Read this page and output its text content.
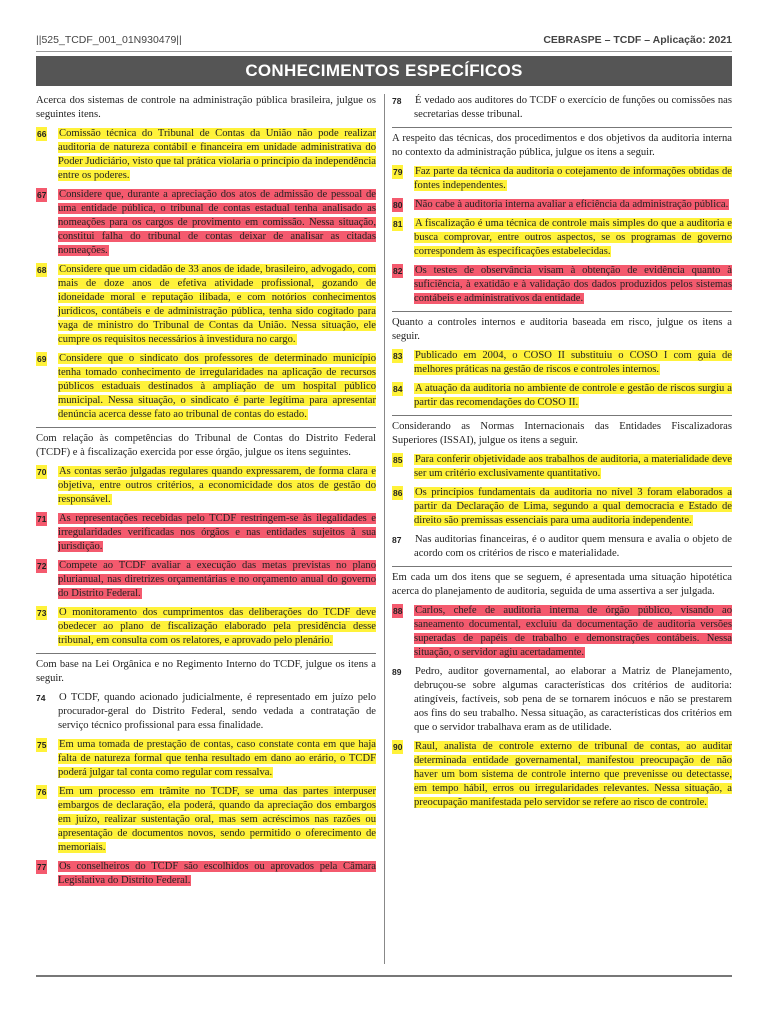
||525_TCDF_001_01N930479||	CEBRASPE – TCDF – Aplicação: 2021
CONHECIMENTOS ESPECÍFICOS

Acerca dos sistemas de controle na administração pública brasileira, julgue os seguintes itens.

66 Comissão técnica do Tribunal de Contas da União não pode realizar auditoria de natureza contábil e financeira em unidade administrativa do Poder Judiciário, visto que tal prática violaria o princípio da independência entre os poderes.
67 Considere que, durante a apreciação dos atos de admissão de pessoal de uma entidade pública, o tribunal de contas estadual tenha analisado as nomeações para os cargos de provimento em comissão. Nessa situação, constitui falha do tribunal de contas deixar de analisar as citadas nomeações.
68 Considere que um cidadão de 33 anos de idade, brasileiro, advogado, com mais de doze anos de efetiva atividade profissional, gozando de idoneidade moral e reputação ilibada, e com notórios conhecimentos jurídicos, contábeis e de administração pública, tenha sido cogitado para vaga de ministro do Tribunal de Contas da União. Nessa situação, ele cumpre os requisitos necessários à investidura no cargo.
69 Considere que o sindicato dos professores de determinado município tenha tomado conhecimento de irregularidades na aplicação de recursos públicos estaduais destinados à ampliação de um hospital público municipal. Nessa situação, o sindicato é parte legítima para apresentar denúncia acerca desse fato ao tribunal de contas do estado.

Com relação às competências do Tribunal de Contas do Distrito Federal (TCDF) e à fiscalização exercida por esse órgão, julgue os itens seguintes.

70 As contas serão julgadas regulares quando expressarem, de forma clara e objetiva, entre outros critérios, a economicidade dos atos de gestão do responsável.
71 As representações recebidas pelo TCDF restringem-se às ilegalidades e irregularidades verificadas nos órgãos e nas entidades sujeitos à sua jurisdição.
72 Compete ao TCDF avaliar a execução das metas previstas no plano plurianual, nas diretrizes orçamentárias e no orçamento anual do governo do Distrito Federal.
73 O monitoramento dos cumprimentos das deliberações do TCDF deve obedecer ao plano de fiscalização elaborado pela presidência desse tribunal, em consulta com os relatores, e aprovado pelo plenário.

Com base na Lei Orgânica e no Regimento Interno do TCDF, julgue os itens a seguir.

74 O TCDF, quando acionado judicialmente, é representado em juízo pelo procurador-geral do Distrito Federal, sendo vedada a contratação de serviço técnico profissional para essa finalidade.
75 Em uma tomada de prestação de contas, caso constate conta em que haja falta de natureza formal que tenha resultado em dano ao erário, o TCDF poderá julgar tal conta como regular com ressalva.
76 Em um processo em trâmite no TCDF, se uma das partes interpuser embargos de declaração, ela poderá, quando da apreciação dos embargos em juízo, realizar sustentação oral, mas sem acréscimos nas razões ou apresentação de documentos novos, sendo permitido o oferecimento de memoriais.
77 Os conselheiros do TCDF são escolhidos ou aprovados pela Câmara Legislativa do Distrito Federal.
78 É vedado aos auditores do TCDF o exercício de funções ou comissões nas secretarias desse tribunal.

A respeito das técnicas, dos procedimentos e dos objetivos da auditoria interna no contexto da administração pública, julgue os itens a seguir.

79 Faz parte da técnica da auditoria o cotejamento de informações obtidas de fontes independentes.
80 Não cabe à auditoria interna avaliar a eficiência da administração pública.
81 A fiscalização é uma técnica de controle mais simples do que a auditoria e busca comprovar, entre outros aspectos, se os programas de governo correspondem às especificações estabelecidas.
82 Os testes de observância visam à obtenção de evidência quanto à suficiência, à exatidão e à validação dos dados produzidos pelos sistemas contábeis e administrativos da entidade.

Quanto a controles internos e auditoria baseada em risco, julgue os itens a seguir.

83 Publicado em 2004, o COSO II substituiu o COSO I com guia de melhores práticas na gestão de riscos e controles internos.
84 A atuação da auditoria no ambiente de controle e gestão de riscos surgiu a partir das recomendações do COSO II.

Considerando as Normas Internacionais das Entidades Fiscalizadoras Superiores (ISSAI), julgue os itens a seguir.

85 Para conferir objetividade aos trabalhos de auditoria, a materialidade deve ser um critério exclusivamente quantitativo.
86 Os princípios fundamentais da auditoria no nível 3 foram elaborados a partir da Declaração de Lima, segundo a qual democracia e Estado de direito são premissas essenciais para uma auditoria independente.
87 Nas auditorias financeiras, é o auditor quem mensura e avalia o objeto de acordo com os critérios de risco e materialidade.

Em cada um dos itens que se seguem, é apresentada uma situação hipotética acerca do planejamento de auditoria, seguida de uma assertiva a ser julgada.

88 Carlos, chefe de auditoria interna de órgão público, visando ao saneamento documental, excluiu da documentação de auditoria versões superadas de papéis de trabalho e demonstrações contábeis. Nessa situação, o servidor agiu acertadamente.
89 Pedro, auditor governamental, ao elaborar a Matriz de Planejamento, debruçou-se sobre algumas características dos critérios de auditoria: atingíveis, factíveis, sob pena de se tornarem inócuos e não se prestarem aos fins do seu trabalho. Nessa situação, as características dos critérios em que o servidor trabalhava eram as de utilidade.
90 Raul, analista de controle externo de tribunal de contas, ao auditar determinada entidade governamental, manifestou preocupação de não haver um bom sistema de controle interno que prevenisse ou detectasse, em tempo hábil, erros ou irregularidades relevantes. Nessa situação, a preocupação manifestada pelo servidor se refere ao risco de controle.
